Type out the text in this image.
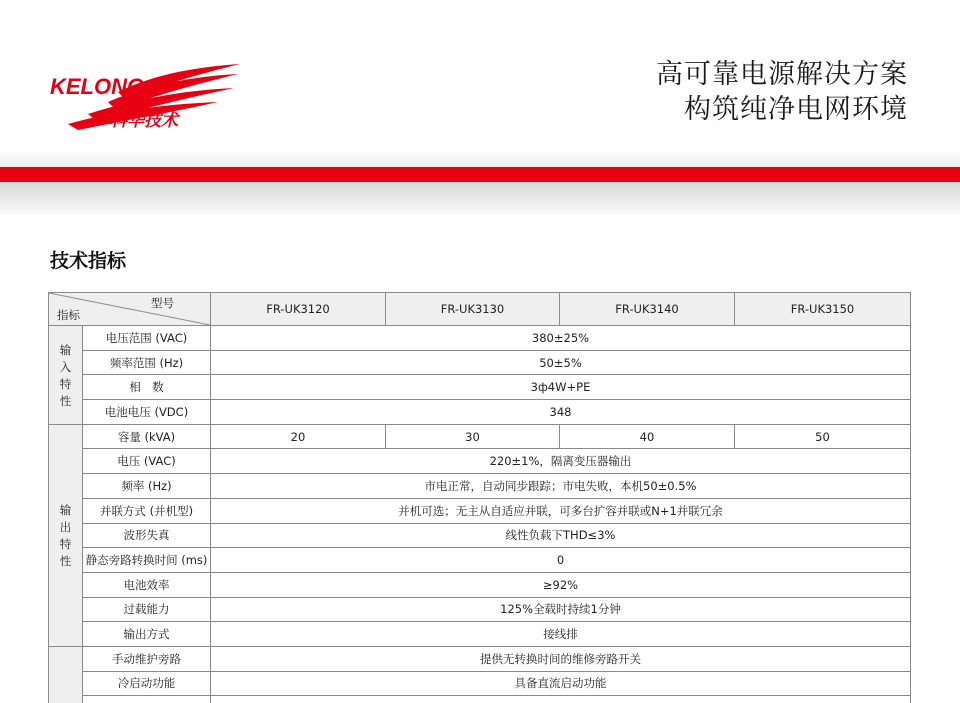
KELONG
科华技术
高可靠电源解决方案
构筑纯净电网环境
技术指标
型号
指标		FR-UK3120	FR-UK3130	FR-UK3140	FR-UK3150

输
入
特
性	电压范围 (VAC)	380±25%			
	频率范围 (Hz)	50±5%			
	相　数	3ф4W+PE			
	电池电压 (VDC)	348			

输
出
特
性	容量 (kVA)	20	30	40	50
	电压 (VAC)	220±1%，隔离变压器输出			
	频率 (Hz)	市电正常，自动同步跟踪；市电失败，本机50±0.5%			
	并联方式 (并机型)	并机可选；无主从自适应并联，可多台扩容并联或N+1并联冗余			
	波形失真	线性负载下THD≤3%			
	静态旁路转换时间 (ms)	0			
	电池效率	≥92%			
	过载能力	125%全载时持续1分钟			
	输出方式	接线排			
	手动维护旁路	提供无转换时间的维修旁路开关			
	冷启动功能	具备直流启动功能			
